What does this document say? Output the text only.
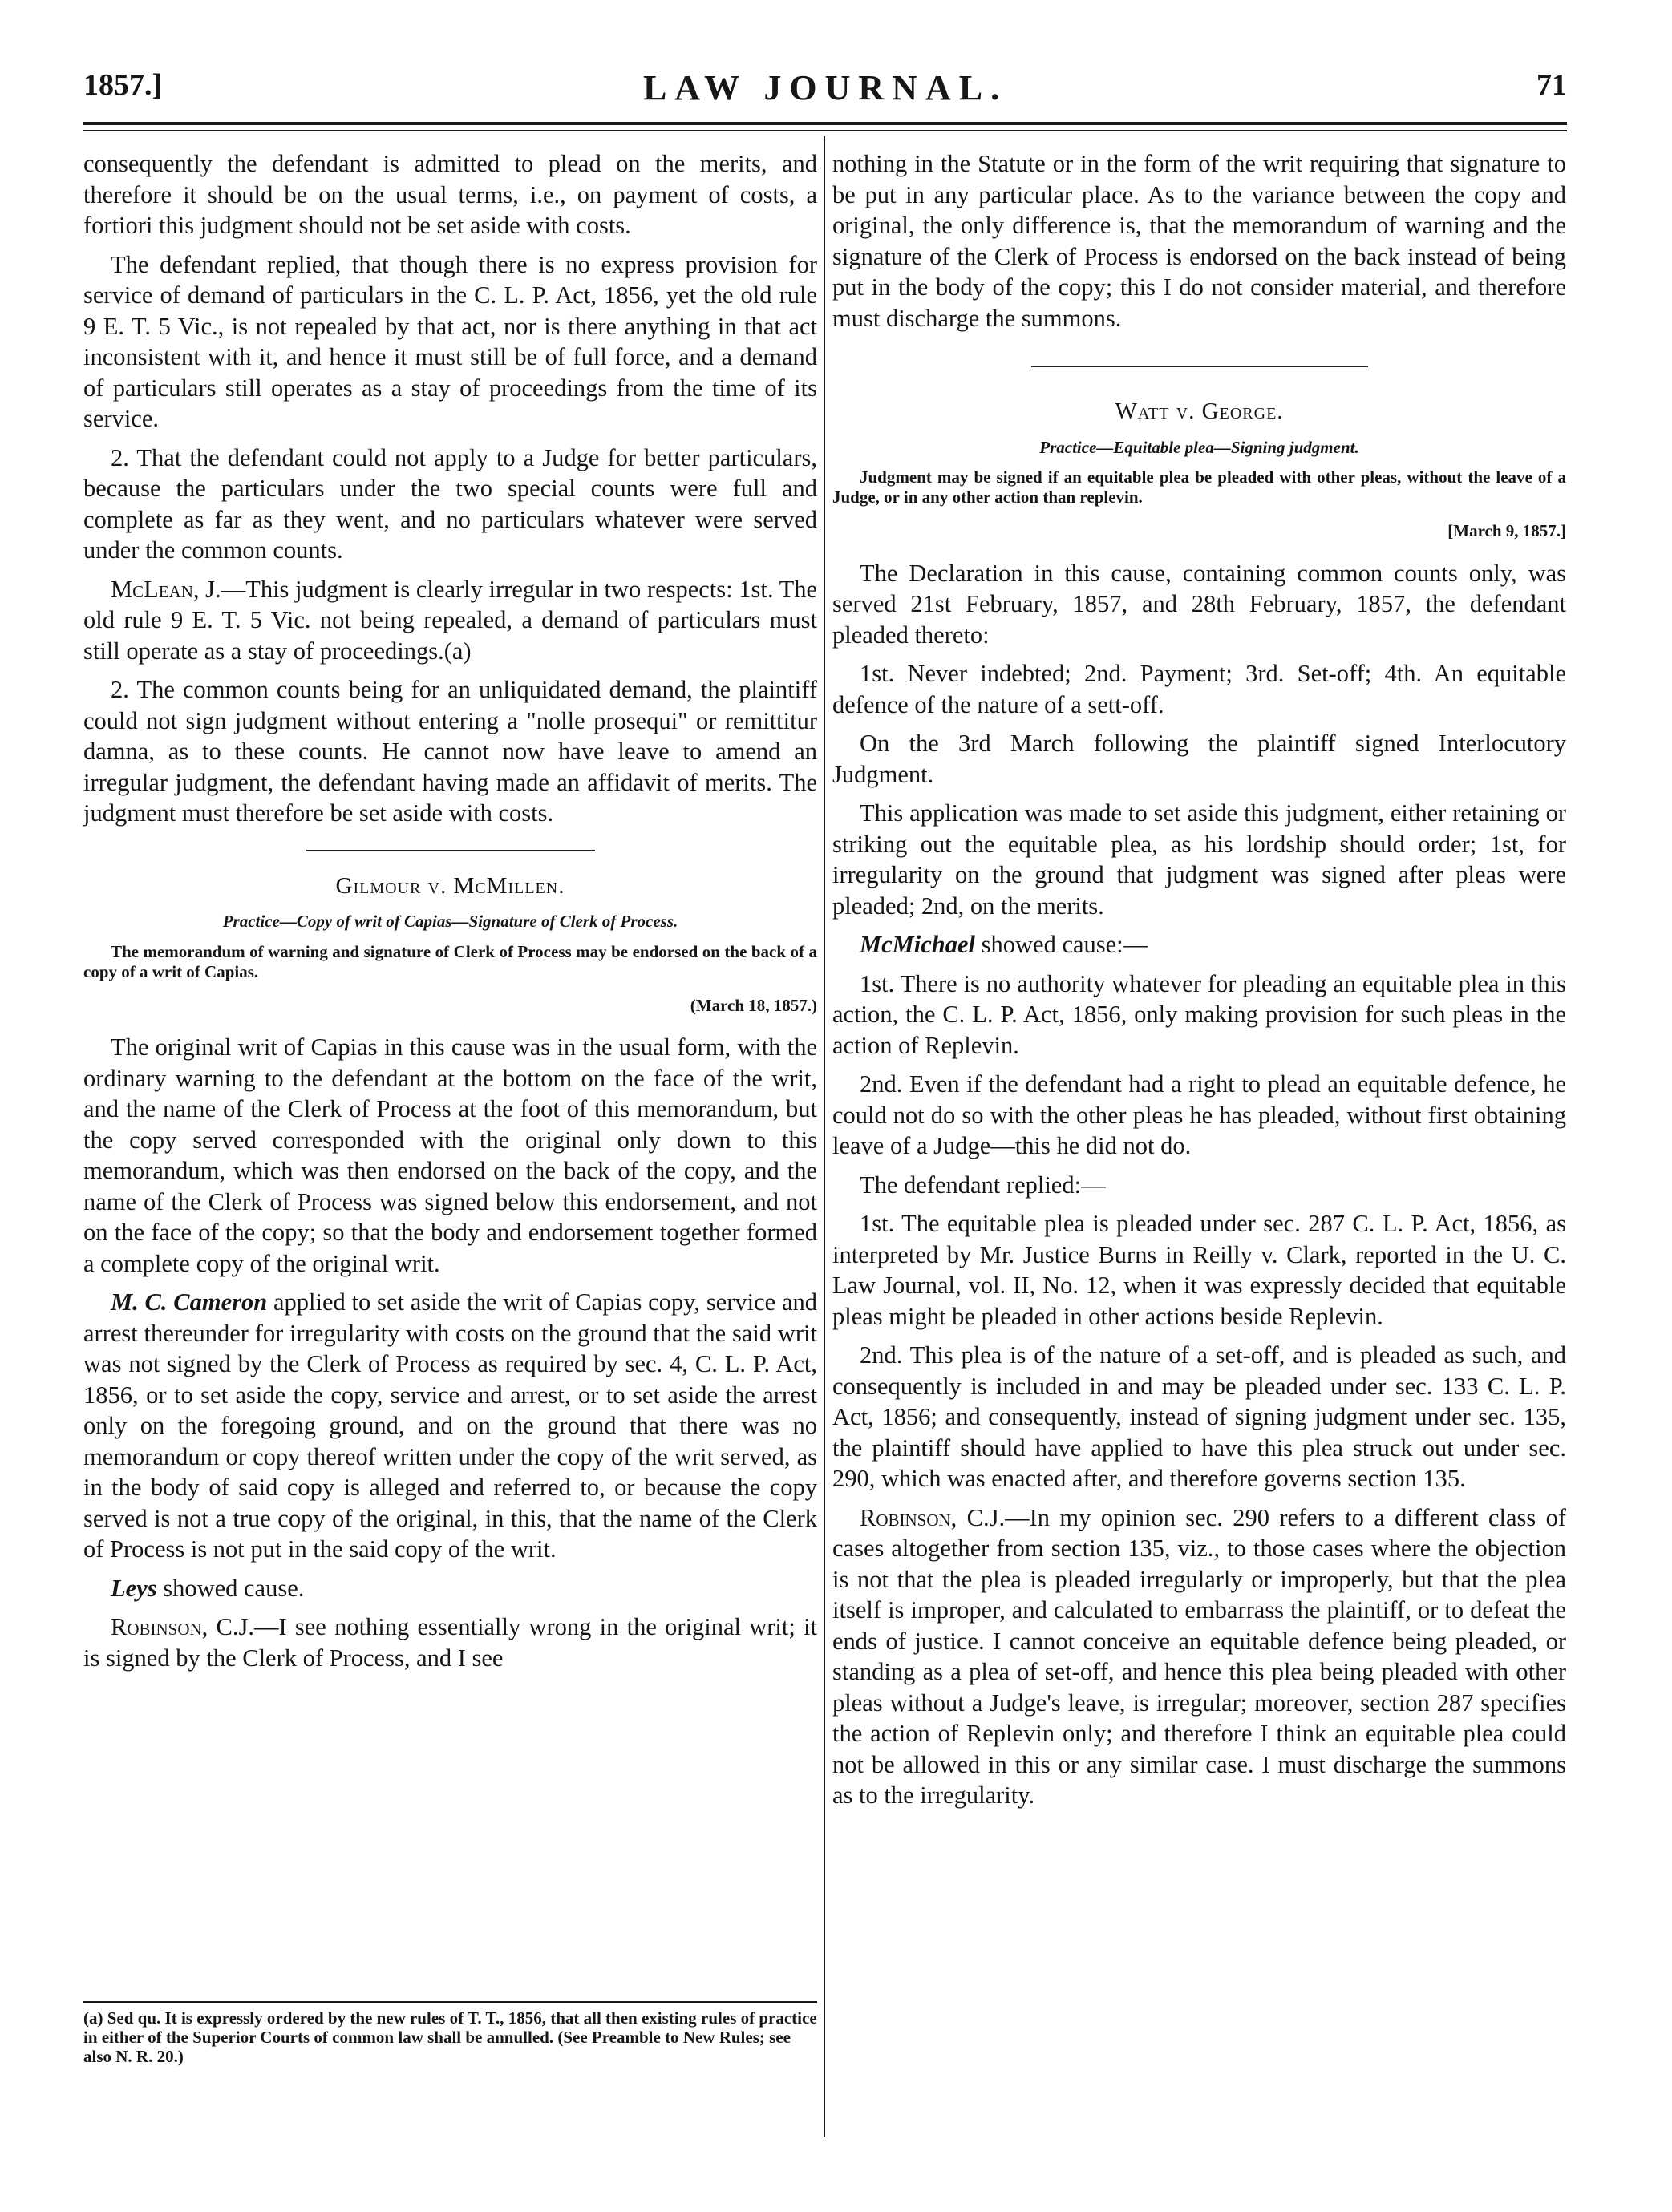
1857.]	LAW JOURNAL.	71

consequently the defendant is admitted to plead on the merits, and therefore it should be on the usual terms, i.e., on payment of costs, a fortiori this judgment should not be set aside with costs.

The defendant replied, that though there is no express provision for service of demand of particulars in the C. L. P. Act, 1856, yet the old rule 9 E. T. 5 Vic., is not repealed by that act, nor is there anything in that act inconsistent with it, and hence it must still be of full force, and a demand of particulars still operates as a stay of proceedings from the time of its service.

2. That the defendant could not apply to a Judge for better particulars, because the particulars under the two special counts were full and complete as far as they went, and no particulars whatever were served under the common counts.

McLean, J.—This judgment is clearly irregular in two respects: 1st. The old rule 9 E. T. 5 Vic. not being repealed, a demand of particulars must still operate as a stay of proceedings.(a)

2. The common counts being for an unliquidated demand, the plaintiff could not sign judgment without entering a "nolle prosequi" or remittitur damna, as to these counts. He cannot now have leave to amend an irregular judgment, the defendant having made an affidavit of merits. The judgment must therefore be set aside with costs.

Gilmour v. McMillen.
Practice—Copy of writ of Capias—Signature of Clerk of Process.

The memorandum of warning and signature of Clerk of Process may be endorsed on the back of a copy of a writ of Capias.

(March 18, 1857.)

The original writ of Capias in this cause was in the usual form, with the ordinary warning to the defendant at the bottom on the face of the writ, and the name of the Clerk of Process at the foot of this memorandum, but the copy served corresponded with the original only down to this memorandum, which was then endorsed on the back of the copy, and the name of the Clerk of Process was signed below this endorsement, and not on the face of the copy; so that the body and endorsement together formed a complete copy of the original writ.

M. C. Cameron applied to set aside the writ of Capias copy, service and arrest thereunder for irregularity with costs on the ground that the said writ was not signed by the Clerk of Process as required by sec. 4, C. L. P. Act, 1856, or to set aside the copy, service and arrest, or to set aside the arrest only on the foregoing ground, and on the ground that there was no memorandum or copy thereof written under the copy of the writ served, as in the body of said copy is alleged and referred to, or because the copy served is not a true copy of the original, in this, that the name of the Clerk of Process is not put in the said copy of the writ.

Leys showed cause.

Robinson, C.J.—I see nothing essentially wrong in the original writ; it is signed by the Clerk of Process, and I see

(a) Sed qu. It is expressly ordered by the new rules of T. T., 1856, that all then existing rules of practice in either of the Superior Courts of common law shall be annulled. (See Preamble to New Rules; see also N. R. 20.)

nothing in the Statute or in the form of the writ requiring that signature to be put in any particular place. As to the variance between the copy and original, the only difference is, that the memorandum of warning and the signature of the Clerk of Process is endorsed on the back instead of being put in the body of the copy; this I do not consider material, and therefore must discharge the summons.

Watt v. George.
Practice—Equitable plea—Signing judgment.

Judgment may be signed if an equitable plea be pleaded with other pleas, without the leave of a Judge, or in any other action than replevin.

[March 9, 1857.]

The Declaration in this cause, containing common counts only, was served 21st February, 1857, and 28th February, 1857, the defendant pleaded thereto:

1st. Never indebted; 2nd. Payment; 3rd. Set-off; 4th. An equitable defence of the nature of a sett-off.

On the 3rd March following the plaintiff signed Interlocutory Judgment.

This application was made to set aside this judgment, either retaining or striking out the equitable plea, as his lordship should order; 1st, for irregularity on the ground that judgment was signed after pleas were pleaded; 2nd, on the merits.

McMichael showed cause:—

1st. There is no authority whatever for pleading an equitable plea in this action, the C. L. P. Act, 1856, only making provision for such pleas in the action of Replevin.

2nd. Even if the defendant had a right to plead an equitable defence, he could not do so with the other pleas he has pleaded, without first obtaining leave of a Judge—this he did not do.

The defendant replied:—

1st. The equitable plea is pleaded under sec. 287 C. L. P. Act, 1856, as interpreted by Mr. Justice Burns in Reilly v. Clark, reported in the U. C. Law Journal, vol. II, No. 12, when it was expressly decided that equitable pleas might be pleaded in other actions beside Replevin.

2nd. This plea is of the nature of a set-off, and is pleaded as such, and consequently is included in and may be pleaded under sec. 133 C. L. P. Act, 1856; and consequently, instead of signing judgment under sec. 135, the plaintiff should have applied to have this plea struck out under sec. 290, which was enacted after, and therefore governs section 135.

Robinson, C.J.—In my opinion sec. 290 refers to a different class of cases altogether from section 135, viz., to those cases where the objection is not that the plea is pleaded irregularly or improperly, but that the plea itself is improper, and calculated to embarrass the plaintiff, or to defeat the ends of justice. I cannot conceive an equitable defence being pleaded, or standing as a plea of set-off, and hence this plea being pleaded with other pleas without a Judge's leave, is irregular; moreover, section 287 specifies the action of Replevin only; and therefore I think an equitable plea could not be allowed in this or any similar case. I must discharge the summons as to the irregularity.
